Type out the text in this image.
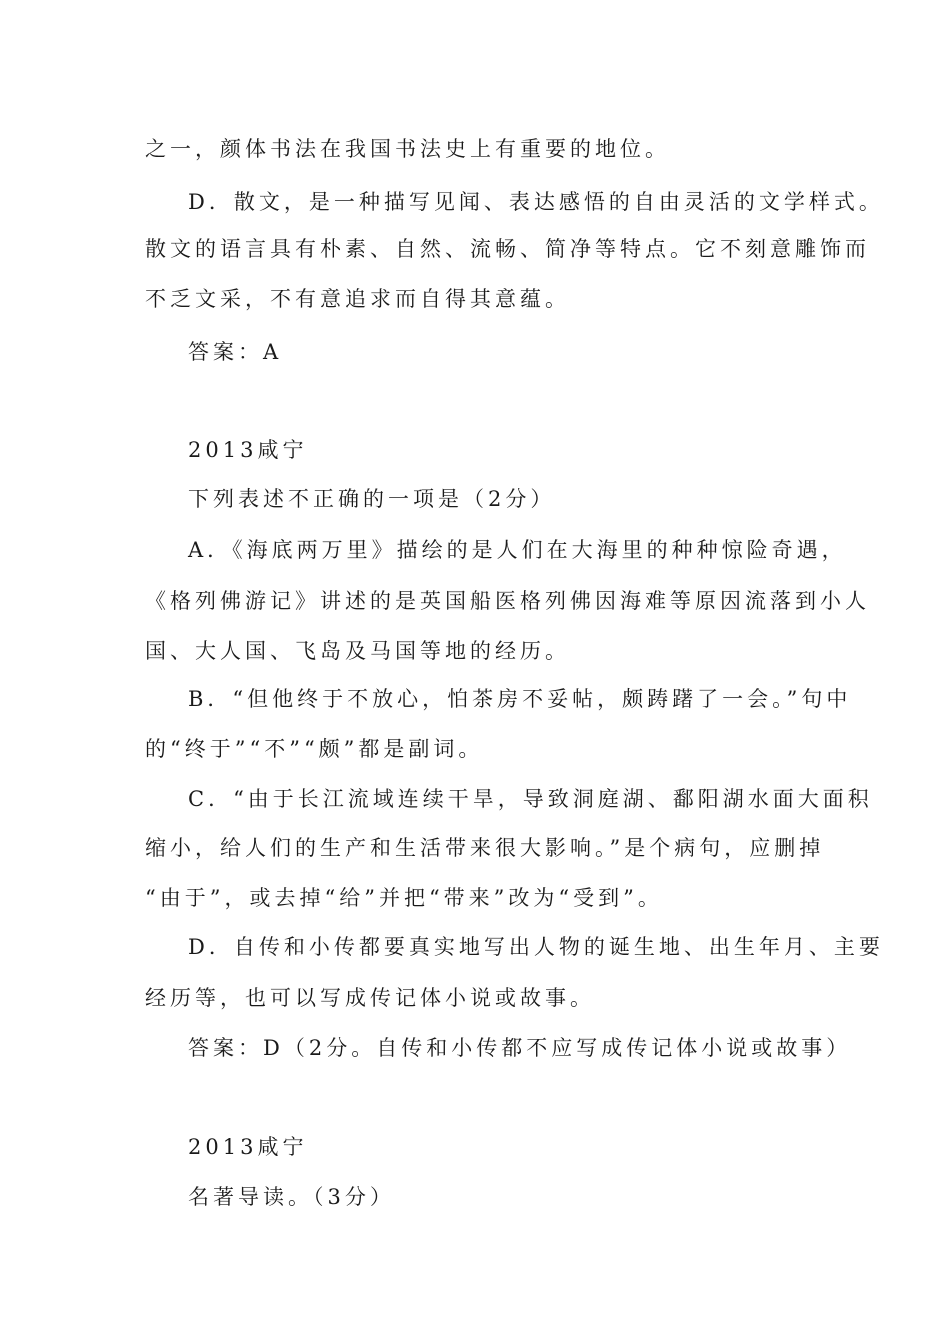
之一，颜体书法在我国书法史上有重要的地位。
D．散文，是一种描写见闻、表达感悟的自由灵活的文学样式。
散文的语言具有朴素、自然、流畅、简净等特点。它不刻意雕饰而
不乏文采，不有意追求而自得其意蕴。
答案：A
2013咸宁
下列表述不正确的一项是（2分）
A．《海底两万里》描绘的是人们在大海里的种种惊险奇遇，
《格列佛游记》讲述的是英国船医格列佛因海难等原因流落到小人
国、大人国、飞岛及马国等地的经历。
B．“但他终于不放心，怕茶房不妥帖，颇踌躇了一会。”句中
的“终于”“不”“颇”都是副词。
C．“由于长江流域连续干旱，导致洞庭湖、鄱阳湖水面大面积
缩小，给人们的生产和生活带来很大影响。”是个病句，应删掉
“由于”，或去掉“给”并把“带来”改为“受到”。
D．自传和小传都要真实地写出人物的诞生地、出生年月、主要
经历等，也可以写成传记体小说或故事。
答案：D（2分。自传和小传都不应写成传记体小说或故事）
2013咸宁
名著导读。（3分）
